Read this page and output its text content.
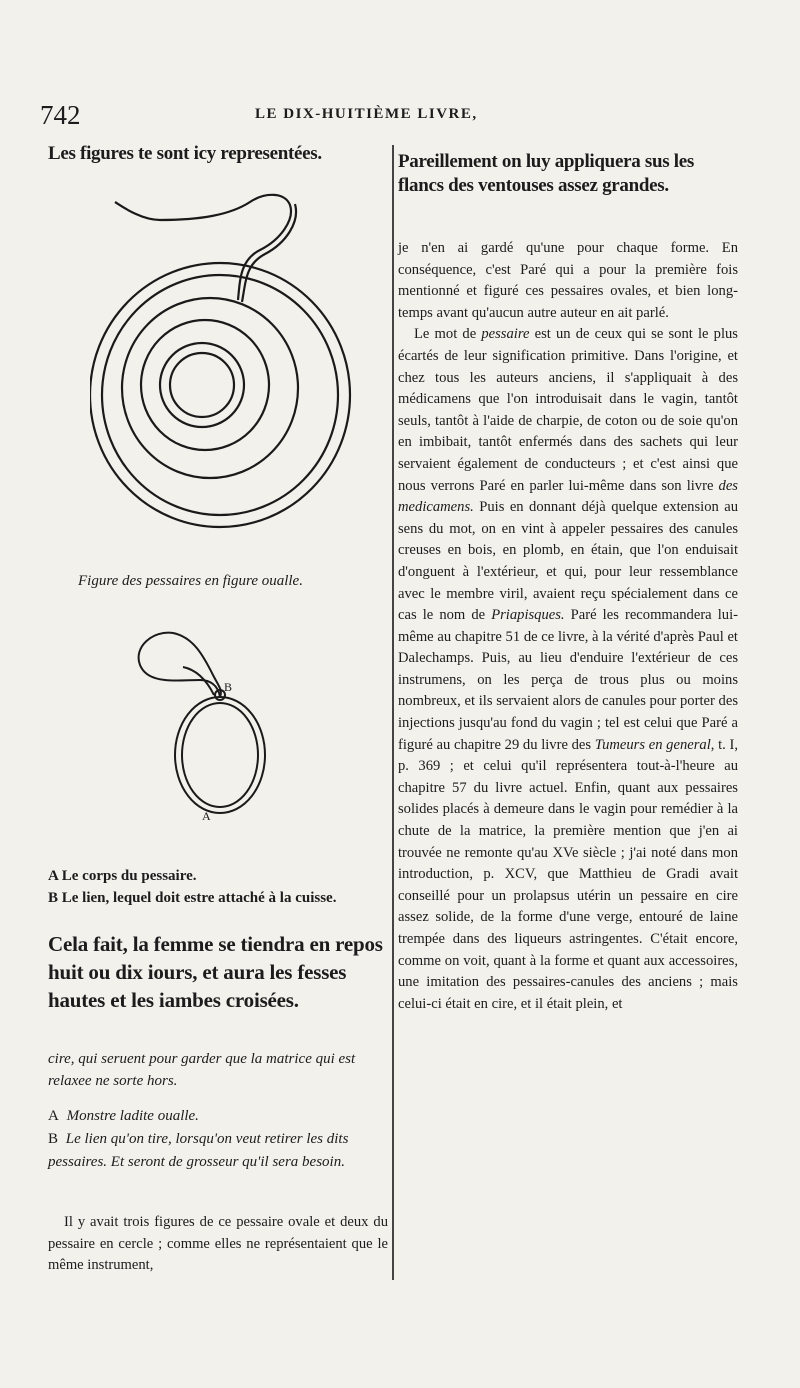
742	LE DIX-HUITIÈME LIVRE,
Les figures te sont icy representées.
Figure des pessaires en figure oualle.
B
A
A Le corps du pessaire.
B Le lien, lequel doit estre attaché à la cuisse.
Cela fait, la femme se tiendra en repos huit ou dix iours, et aura les fesses hautes et les iambes croisées.
cire, qui seruent pour garder que la matrice qui est relaxee ne sorte hors.
A Monstre ladite oualle.
B Le lien qu'on tire, lorsqu'on veut retirer les dits pessaires. Et seront de grosseur qu'il sera besoin.

Il y avait trois figures de ce pessaire ovale et deux du pessaire en cercle ; comme elles ne représentaient que le même instrument,

Pareillement on luy appliquera sus les flancs des ventouses assez grandes.

je n'en ai gardé qu'une pour chaque forme. En conséquence, c'est Paré qui a pour la première fois mentionné et figuré ces pessaires ovales, et bien long-temps avant qu'aucun autre auteur en ait parlé.

Le mot de pessaire est un de ceux qui se sont le plus écartés de leur signification primitive. Dans l'origine, et chez tous les auteurs anciens, il s'appliquait à des médicamens que l'on introduisait dans le vagin, tantôt seuls, tantôt à l'aide de charpie, de coton ou de soie qu'on en imbibait, tantôt enfermés dans des sachets qui leur servaient également de conducteurs ; et c'est ainsi que nous verrons Paré en parler lui-même dans son livre des medicamens. Puis en donnant déjà quelque extension au sens du mot, on en vint à appeler pessaires des canules creuses en bois, en plomb, en étain, que l'on enduisait d'onguent à l'extérieur, et qui, pour leur ressemblance avec le membre viril, avaient reçu spécialement dans ce cas le nom de Priapisques. Paré les recommandera lui-même au chapitre 51 de ce livre, à la vérité d'après Paul et Dalechamps. Puis, au lieu d'enduire l'extérieur de ces instrumens, on les perça de trous plus ou moins nombreux, et ils servaient alors de canules pour porter des injections jusqu'au fond du vagin ; tel est celui que Paré a figuré au chapitre 29 du livre des Tumeurs en general, t. I, p. 369 ; et celui qu'il représentera tout-à-l'heure au chapitre 57 du livre actuel. Enfin, quant aux pessaires solides placés à demeure dans le vagin pour remédier à la chute de la matrice, la première mention que j'en ai trouvée ne remonte qu'au XVe siècle ; j'ai noté dans mon introduction, p. XCV, que Matthieu de Gradi avait conseillé pour un prolapsus utérin un pessaire en cire assez solide, de la forme d'une verge, entouré de laine trempée dans des liqueurs astringentes. C'était encore, comme on voit, quant à la forme et quant aux accessoires, une imitation des pessaires-canules des anciens ; mais celui-ci était en cire, et il était plein, et
